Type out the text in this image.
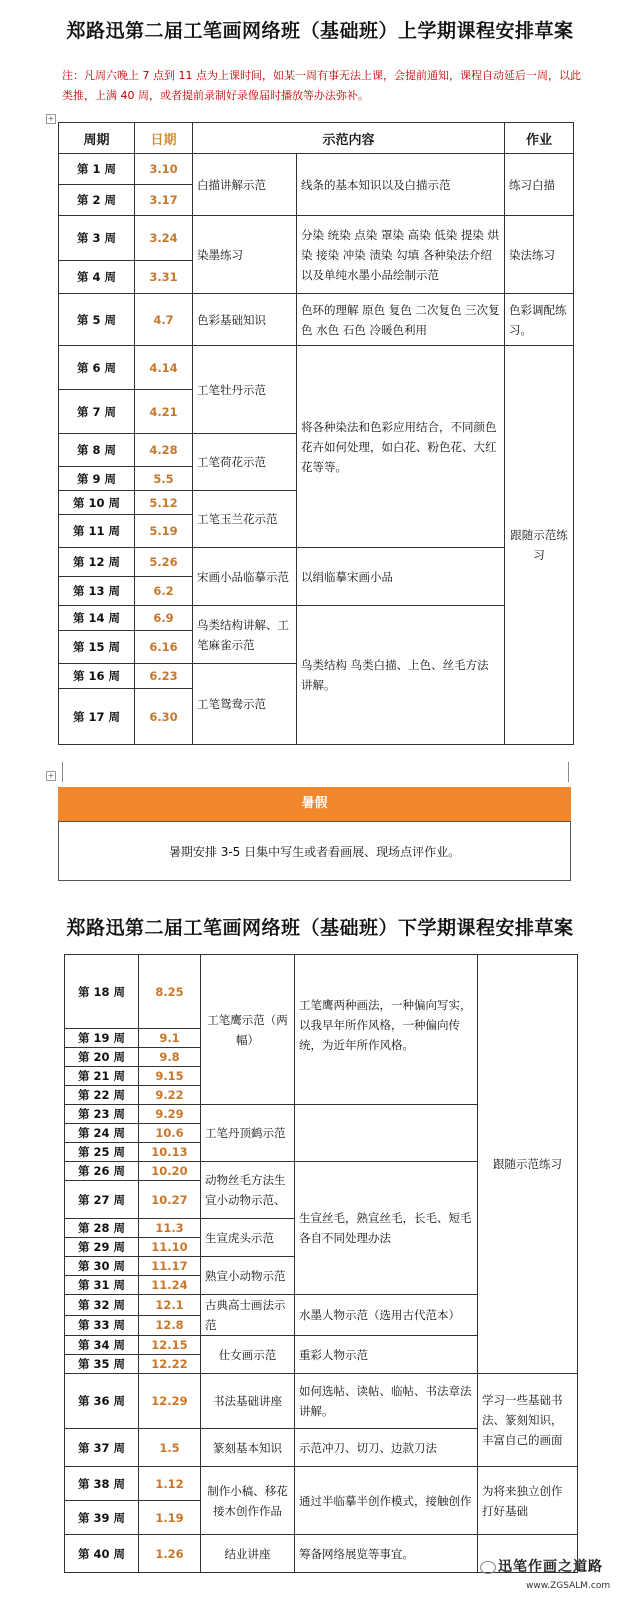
郑路迅第二届工笔画网络班（基础班）上学期课程安排草案
注：凡周六晚上 7 点到 11 点为上课时间，如某一周有事无法上课，会提前通知，课程自动延后一周，以此类推，上满 40 周，或者提前录制好录像届时播放等办法弥补。
+
周期	日期	示范内容		作业
第 1 周	3.10	白描讲解示范	线条的基本知识以及白描示范	练习白描
第 2 周	3.17			
第 3 周	3.24	染墨练习	分染 统染 点染 罩染 高染 低染 提染 烘染 接染 冲染 渍染 勾填 各种染法介绍以及单纯水墨小品绘制示范	染法练习
第 4 周	3.31			
第 5 周	4.7	色彩基础知识	色环的理解 原色 复色 二次复色 三次复色 水色 石色 冷暖色利用	色彩调配练习。
第 6 周	4.14	工笔牡丹示范	将各种染法和色彩应用结合，不同颜色花卉如何处理，如白花、粉色花、大红花等等。	跟随示范练习
第 7 周	4.21			
第 8 周	4.28	工笔荷花示范		
第 9 周	5.5			
第 10 周	5.12	工笔玉兰花示范		
第 11 周	5.19			
第 12 周	5.26	宋画小品临摹示范	以绢临摹宋画小品	
第 13 周	6.2			
第 14 周	6.9	鸟类结构讲解、工笔麻雀示范	鸟类结构 鸟类白描、上色、丝毛方法讲解。	
第 15 周	6.16			
第 16 周	6.23	工笔鸳鸯示范		
第 17 周	6.30			
+
暑假
暑期安排 3-5 日集中写生或者看画展、现场点评作业。
郑路迅第二届工笔画网络班（基础班）下学期课程安排草案
第 18 周	8.25	工笔鹰示范（两幅）	工笔鹰两种画法，一种偏向写实，以我早年所作风格，一种偏向传统，为近年所作风格。	跟随示范练习
第 19 周	9.1			
第 20 周	9.8			
第 21 周	9.15			
第 22 周	9.22			
第 23 周	9.29	工笔丹顶鹤示范		
第 24 周	10.6			
第 25 周	10.13			
第 26 周	10.20	动物丝毛方法生宣小动物示范、	生宣丝毛，熟宣丝毛，长毛、短毛各自不同处理办法	
第 27 周	10.27			
第 28 周	11.3	生宣虎头示范		
第 29 周	11.10			
第 30 周	11.17	熟宣小动物示范		
第 31 周	11.24			
第 32 周	12.1	古典高士画法示范	水墨人物示范（选用古代范本）	
第 33 周	12.8			
第 34 周	12.15	仕女画示范	重彩人物示范	
第 35 周	12.22			
第 36 周	12.29	书法基础讲座	如何选帖、读帖、临帖、书法章法讲解。	学习一些基础书法、篆刻知识，丰富自己的画面
第 37 周	1.5	篆刻基本知识	示范冲刀、切刀、边款刀法	
第 38 周	1.12	制作小稿、移花接木创作作品	通过半临摹半创作模式，接触创作	为将来独立创作打好基础
第 39 周	1.19			
第 40 周	1.26	结业讲座	筹备网络展览等事宜。	
迅笔作画之道路
www.ZGSALM.com
